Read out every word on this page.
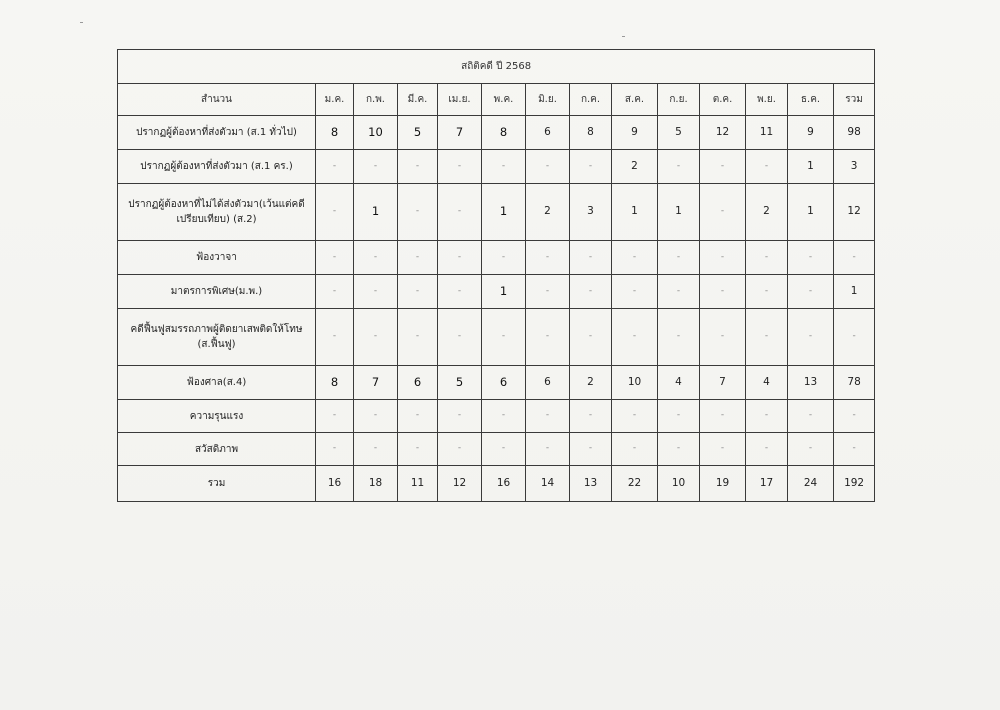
สถิติคดี ปี 2568													
สำนวน	ม.ค.	ก.พ.	มี.ค.	เม.ย.	พ.ค.	มิ.ย.	ก.ค.	ส.ค.	ก.ย.	ต.ค.	พ.ย.	ธ.ค.	รวม
ปรากฏผู้ต้องหาที่ส่งตัวมา (ส.1 ทั่วไป)	8	10	5	7	8	6	8	9	5	12	11	9	98
ปรากฏผู้ต้องหาที่ส่งตัวมา (ส.1 คร.)	-	-	-	-	-	-	-	2	-	-	-	1	3
ปรากฏผู้ต้องหาที่ไม่ได้ส่งตัวมา(เว้นแต่คดีเปรียบเทียบ) (ส.2)	-	1	-	-	1	2	3	1	1	-	2	1	12
ฟ้องวาจา	-	-	-	-	-	-	-	-	-	-	-	-	-
มาตรการพิเศษ(ม.พ.)	-	-	-	-	1	-	-	-	-	-	-	-	1
คดีฟื้นฟูสมรรถภาพผู้ติดยาเสพติดให้โทษ (ส.ฟื้นฟู)	-	-	-	-	-	-	-	-	-	-	-	-	-
ฟ้องศาล(ส.4)	8	7	6	5	6	6	2	10	4	7	4	13	78
ความรุนแรง	-	-	-	-	-	-	-	-	-	-	-	-	-
สวัสดิภาพ	-	-	-	-	-	-	-	-	-	-	-	-	-
รวม	16	18	11	12	16	14	13	22	10	19	17	24	192
